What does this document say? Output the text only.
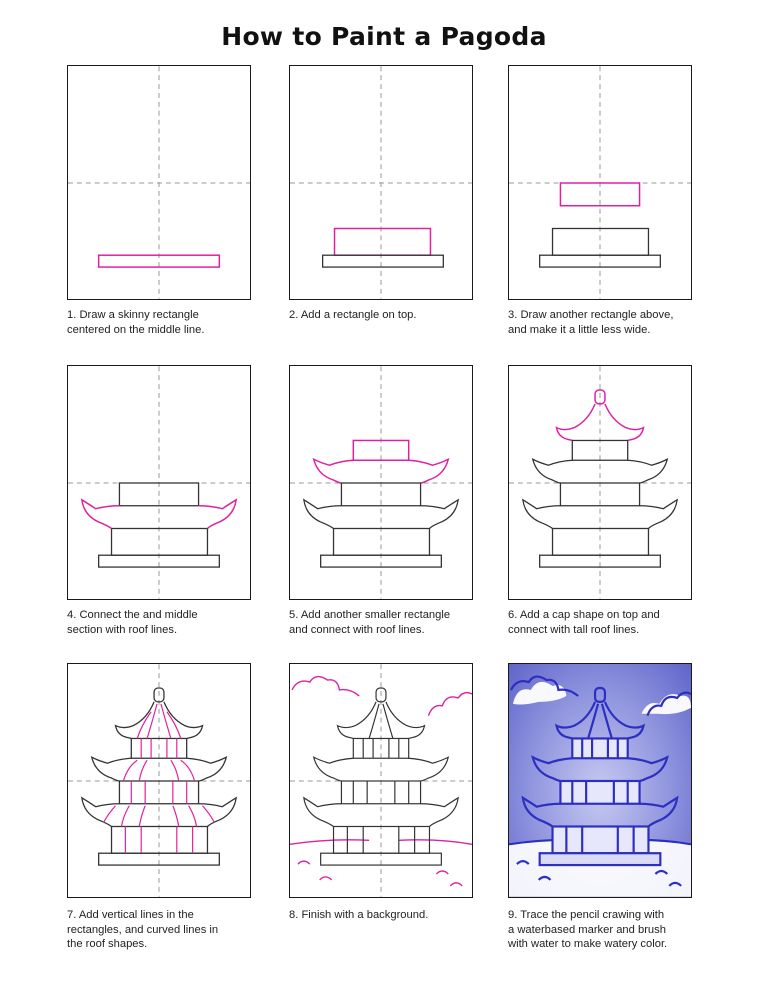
How to Paint a Pagoda
1. Draw a skinny rectangle
centered on the middle line.
2. Add a rectangle on top.	3. Draw another rectangle above,
and make it a little less wide.
4. Connect the and middle
section with roof lines.
5. Add another smaller rectangle
and connect with roof lines.
6. Add a cap shape on top and
connect with tall roof lines.
7. Add vertical lines in the
rectangles, and curved lines in
the roof shapes.
8. Finish with a background.	9. Trace the pencil crawing with
a waterbased marker and brush
with water to make watery color.
